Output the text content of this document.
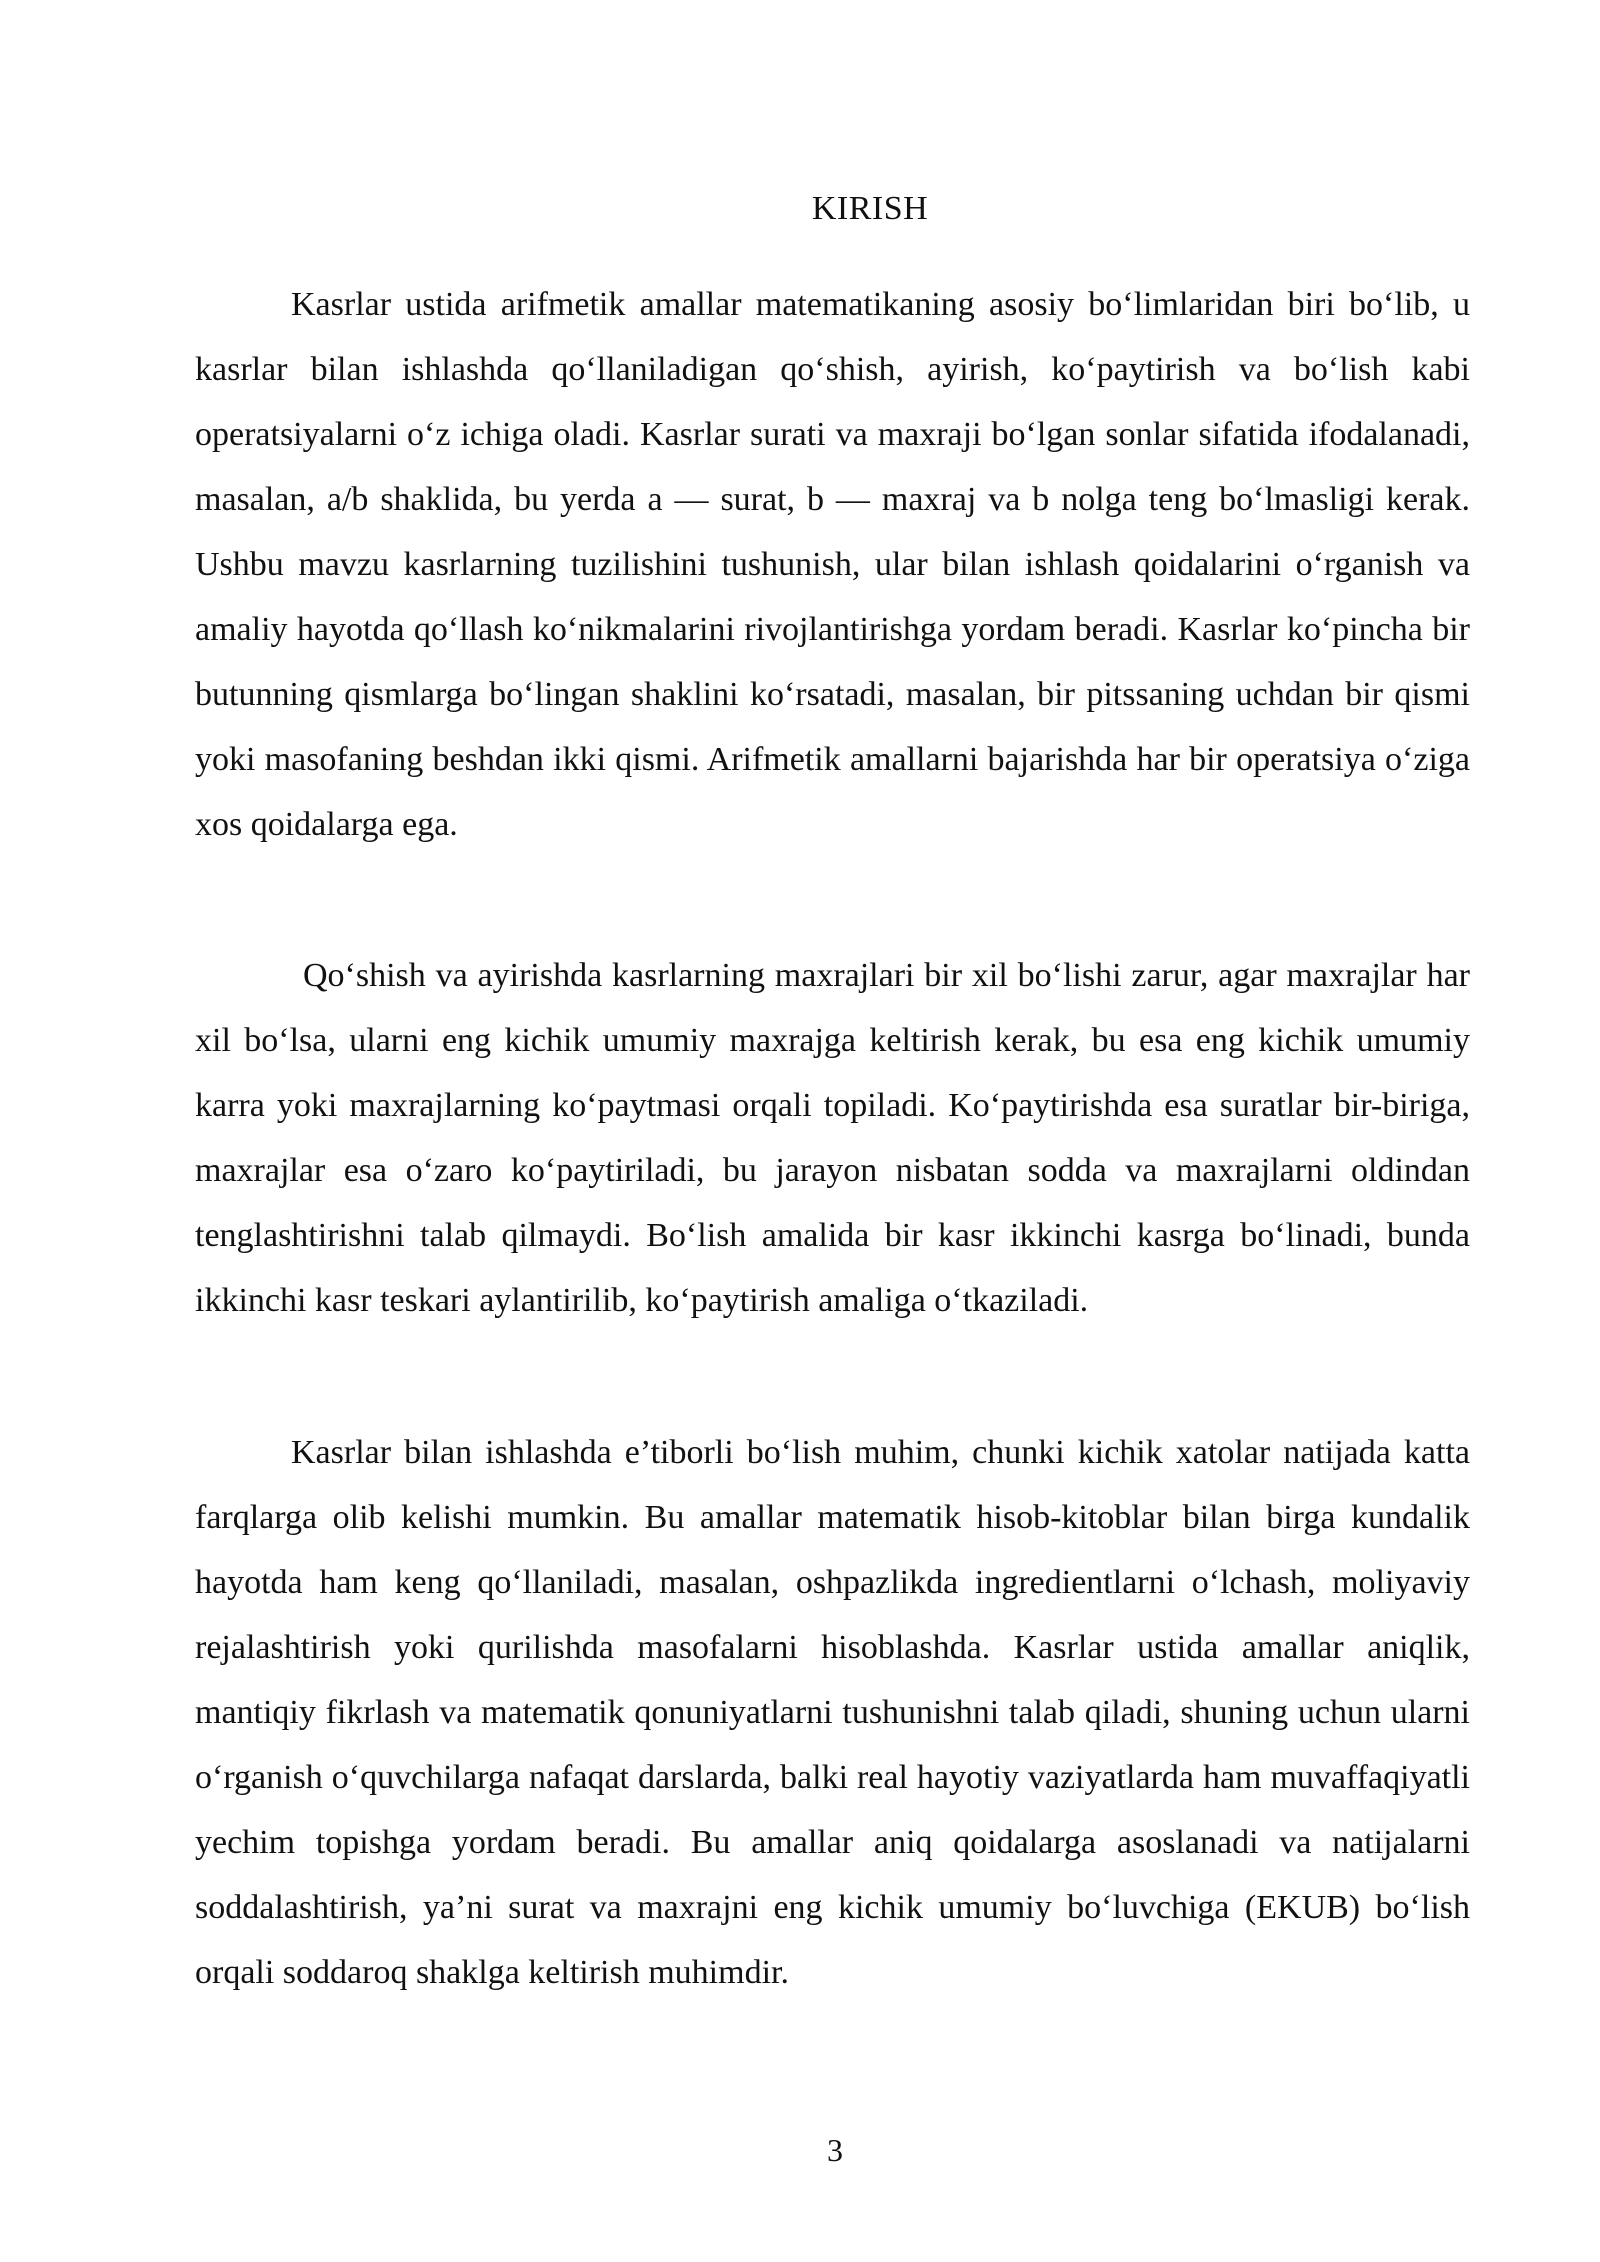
KIRISH

Kasrlar ustida arifmetik amallar matematikaning asosiy bo‘limlaridan biri bo‘lib, u kasrlar bilan ishlashda qo‘llaniladigan qo‘shish, ayirish, ko‘paytirish va bo‘lish kabi operatsiyalarni o‘z ichiga oladi. Kasrlar surati va maxraji bo‘lgan sonlar sifatida ifodalanadi, masalan, a/b shaklida, bu yerda a — surat, b — maxraj va b nolga teng bo‘lmasligi kerak. Ushbu mavzu kasrlarning tuzilishini tushunish, ular bilan ishlash qoidalarini o‘rganish va amaliy hayotda qo‘llash ko‘nikmalarini rivojlantirishga yordam beradi. Kasrlar ko‘pincha bir butunning qismlarga bo‘lingan shaklini ko‘rsatadi, masalan, bir pitssaning uchdan bir qismi yoki masofaning beshdan ikki qismi. Arifmetik amallarni bajarishda har bir operatsiya o‘ziga xos qoidalarga ega.

Qo‘shish va ayirishda kasrlarning maxrajlari bir xil bo‘lishi zarur, agar maxrajlar har xil bo‘lsa, ularni eng kichik umumiy maxrajga keltirish kerak, bu esa eng kichik umumiy karra yoki maxrajlarning ko‘paytmasi orqali topiladi. Ko‘paytirishda esa suratlar bir-biriga, maxrajlar esa o‘zaro ko‘paytiriladi, bu jarayon nisbatan sodda va maxrajlarni oldindan tenglashtirishni talab qilmaydi. Bo‘lish amalida bir kasr ikkinchi kasrga bo‘linadi, bunda ikkinchi kasr teskari aylantirilib, ko‘paytirish amaliga o‘tkaziladi.

Kasrlar bilan ishlashda e’tiborli bo‘lish muhim, chunki kichik xatolar natijada katta farqlarga olib kelishi mumkin. Bu amallar matematik hisob-kitoblar bilan birga kundalik hayotda ham keng qo‘llaniladi, masalan, oshpazlikda ingredientlarni o‘lchash, moliyaviy rejalashtirish yoki qurilishda masofalarni hisoblashda. Kasrlar ustida amallar aniqlik, mantiqiy fikrlash va matematik qonuniyatlarni tushunishni talab qiladi, shuning uchun ularni o‘rganish o‘quvchilarga nafaqat darslarda, balki real hayotiy vaziyatlarda ham muvaffaqiyatli yechim topishga yordam beradi. Bu amallar aniq qoidalarga asoslanadi va natijalarni soddalashtirish, ya’ni surat va maxrajni eng kichik umumiy bo‘luvchiga (EKUB) bo‘lish orqali soddaroq shaklga keltirish muhimdir.

3
